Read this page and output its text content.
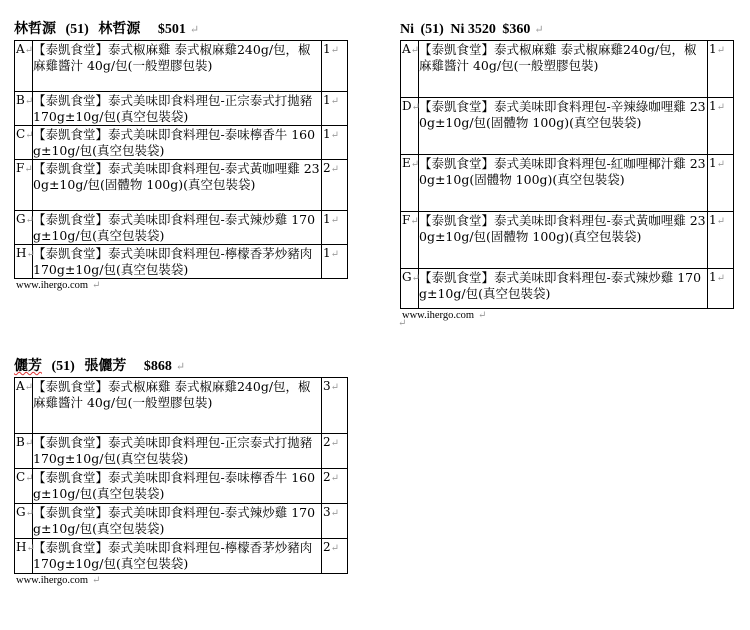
林哲源 (51) 林哲源 $501 ↵
A↵	【泰凱食堂】泰式椒麻雞 泰式椒麻雞240g/包，椒麻雞醬汁 40g/包(一般塑膠包裝)	1↵
B↵	【泰凱食堂】泰式美味即食料理包-正宗泰式打拋豬 170g±10g/包(真空包裝袋)	1↵
C↵	【泰凱食堂】泰式美味即食料理包-泰味檸香牛 160g±10g/包(真空包裝袋)	1↵
F↵	【泰凱食堂】泰式美味即食料理包-泰式黃咖哩雞 230g±10g/包(固體物 100g)(真空包裝袋)	2↵
G↵	【泰凱食堂】泰式美味即食料理包-泰式辣炒雞 170g±10g/包(真空包裝袋)	1↵
H↵	【泰凱食堂】泰式美味即食料理包-檸檬香茅炒豬肉 170g±10g/包(真空包裝袋)	1↵
www.ihergo.com ↵
Ni (51) Ni 3520 $360 ↵
A↵	【泰凱食堂】泰式椒麻雞 泰式椒麻雞240g/包，椒麻雞醬汁 40g/包(一般塑膠包裝)	1↵
D↵	【泰凱食堂】泰式美味即食料理包-辛辣綠咖哩雞 230g±10g/包(固體物 100g)(真空包裝袋)	1↵
E↵	【泰凱食堂】泰式美味即食料理包-紅咖哩椰汁雞 230g±10g(固體物 100g)(真空包裝袋)	1↵
F↵	【泰凱食堂】泰式美味即食料理包-泰式黃咖哩雞 230g±10g/包(固體物 100g)(真空包裝袋)	1↵
G↵	【泰凱食堂】泰式美味即食料理包-泰式辣炒雞 170g±10g/包(真空包裝袋)	1↵
www.ihergo.com ↵
↵
儷芳 (51) 張儷芳 $868 ↵
A↵	【泰凱食堂】泰式椒麻雞 泰式椒麻雞240g/包，椒麻雞醬汁 40g/包(一般塑膠包裝)	3↵
B↵	【泰凱食堂】泰式美味即食料理包-正宗泰式打拋豬 170g±10g/包(真空包裝袋)	2↵
C↵	【泰凱食堂】泰式美味即食料理包-泰味檸香牛 160g±10g/包(真空包裝袋)	2↵
G↵	【泰凱食堂】泰式美味即食料理包-泰式辣炒雞 170g±10g/包(真空包裝袋)	3↵
H↵	【泰凱食堂】泰式美味即食料理包-檸檬香茅炒豬肉 170g±10g/包(真空包裝袋)	2↵
www.ihergo.com ↵
